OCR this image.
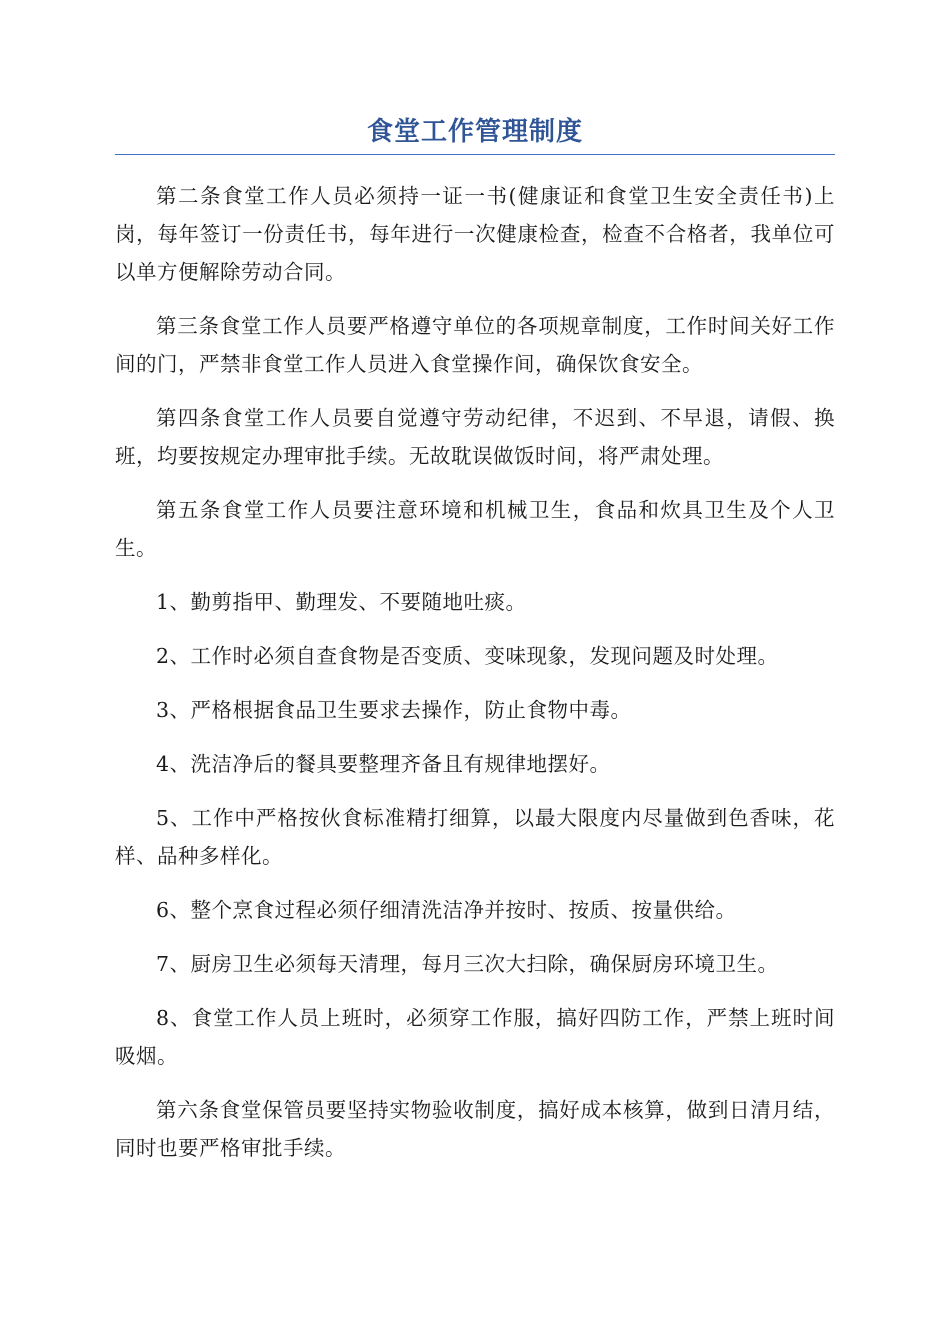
食堂工作管理制度

第二条食堂工作人员必须持一证一书(健康证和食堂卫生安全责任书)上岗，每年签订一份责任书，每年进行一次健康检查，检查不合格者，我单位可以单方便解除劳动合同。

第三条食堂工作人员要严格遵守单位的各项规章制度，工作时间关好工作间的门，严禁非食堂工作人员进入食堂操作间，确保饮食安全。

第四条食堂工作人员要自觉遵守劳动纪律，不迟到、不早退，请假、换班，均要按规定办理审批手续。无故耽误做饭时间，将严肃处理。

第五条食堂工作人员要注意环境和机械卫生，食品和炊具卫生及个人卫生。

1、勤剪指甲、勤理发、不要随地吐痰。

2、工作时必须自查食物是否变质、变味现象，发现问题及时处理。

3、严格根据食品卫生要求去操作，防止食物中毒。

4、洗洁净后的餐具要整理齐备且有规律地摆好。

5、工作中严格按伙食标准精打细算，以最大限度内尽量做到色香味，花样、品种多样化。

6、整个烹食过程必须仔细清洗洁净并按时、按质、按量供给。

7、厨房卫生必须每天清理，每月三次大扫除，确保厨房环境卫生。

8、食堂工作人员上班时，必须穿工作服，搞好四防工作，严禁上班时间吸烟。

第六条食堂保管员要坚持实物验收制度，搞好成本核算，做到日清月结，同时也要严格审批手续。
